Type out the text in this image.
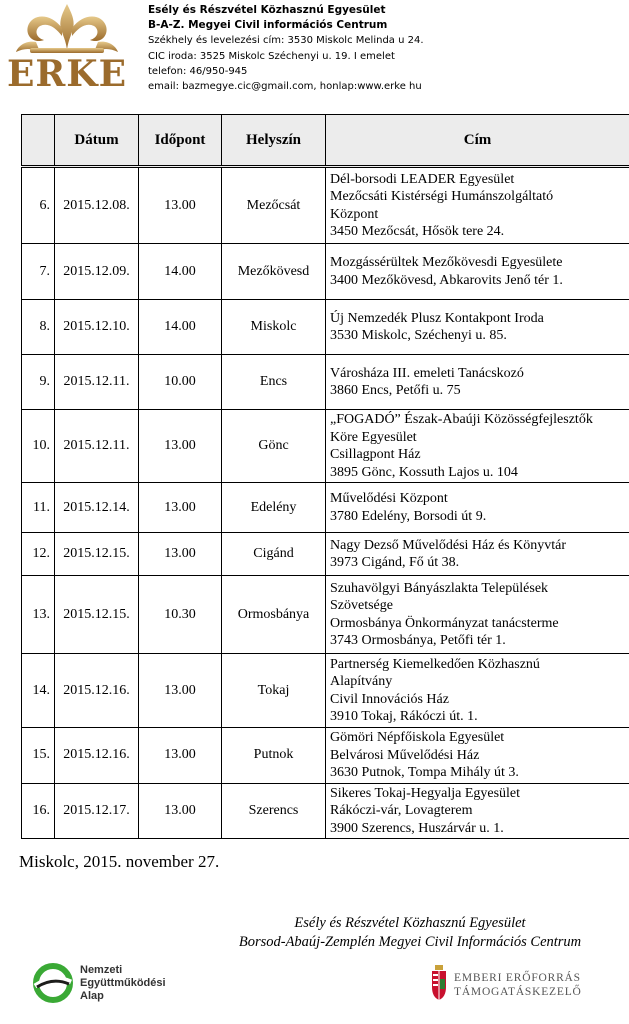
ERKE
Esély és Részvétel Közhasznú Egyesület
B-A-Z. Megyei Civil információs Centrum
Székhely és levelezési cím: 3530 Miskolc Melinda u 24.
CIC iroda: 3525 Miskolc Széchenyi u. 19. I emelet
telefon: 46/950-945
email: bazmegye.cic@gmail.com, honlap:www.erke hu
	Dátum	Időpont	Helyszín	Cím
6.	2015.12.08.	13.00	Mezőcsát	Dél-borsodi LEADER Egyesület
Mezőcsáti Kistérségi Humánszolgáltató
Központ
3450 Mezőcsát, Hősök tere 24.

7.	2015.12.09.	14.00	Mezőkövesd	Mozgássérültek Mezőkövesdi Egyesülete
3400 Mezőkövesd, Abkarovits Jenő tér 1.

8.	2015.12.10.	14.00	Miskolc	Új Nemzedék Plusz Kontakpont Iroda
3530 Miskolc, Széchenyi u. 85.

9.	2015.12.11.	10.00	Encs	Városháza III. emeleti Tanácskozó
3860 Encs, Petőfi u. 75

10.	2015.12.11.	13.00	Gönc	„FOGADÓ” Észak-Abaúji Közösségfejlesztők
Köre Egyesület
Csillagpont Ház
3895 Gönc, Kossuth Lajos u. 104

11.	2015.12.14.	13.00	Edelény	Művelődési Központ
3780 Edelény, Borsodi út 9.

12.	2015.12.15.	13.00	Cigánd	Nagy Dezső Művelődési Ház és Könyvtár
3973 Cigánd, Fő út 38.

13.	2015.12.15.	10.30	Ormosbánya	Szuhavölgyi Bányászlakta Települések
Szövetsége
Ormosbánya Önkormányzat tanácsterme
3743 Ormosbánya, Petőfi tér 1.

14.	2015.12.16.	13.00	Tokaj	Partnerség Kiemelkedően Közhasznú
Alapítvány
Civil Innovációs Ház
3910 Tokaj, Rákóczi út. 1.

15.	2015.12.16.	13.00	Putnok	Gömöri Népfőiskola Egyesület
Belvárosi Művelődési Ház
3630 Putnok, Tompa Mihály út 3.

16.	2015.12.17.	13.00	Szerencs	Sikeres Tokaj-Hegyalja Egyesület
Rákóczi-vár, Lovagterem
3900 Szerencs, Huszárvár u. 1.
Miskolc, 2015. november 27.
Esély és Részvétel Közhasznú Egyesület
Borsod-Abaúj-Zemplén Megyei Civil Információs Centrum
Nemzeti
Együttműködési
Alap
EMBERI ERŐFORRÁS
TÁMOGATÁSKEZELŐ
